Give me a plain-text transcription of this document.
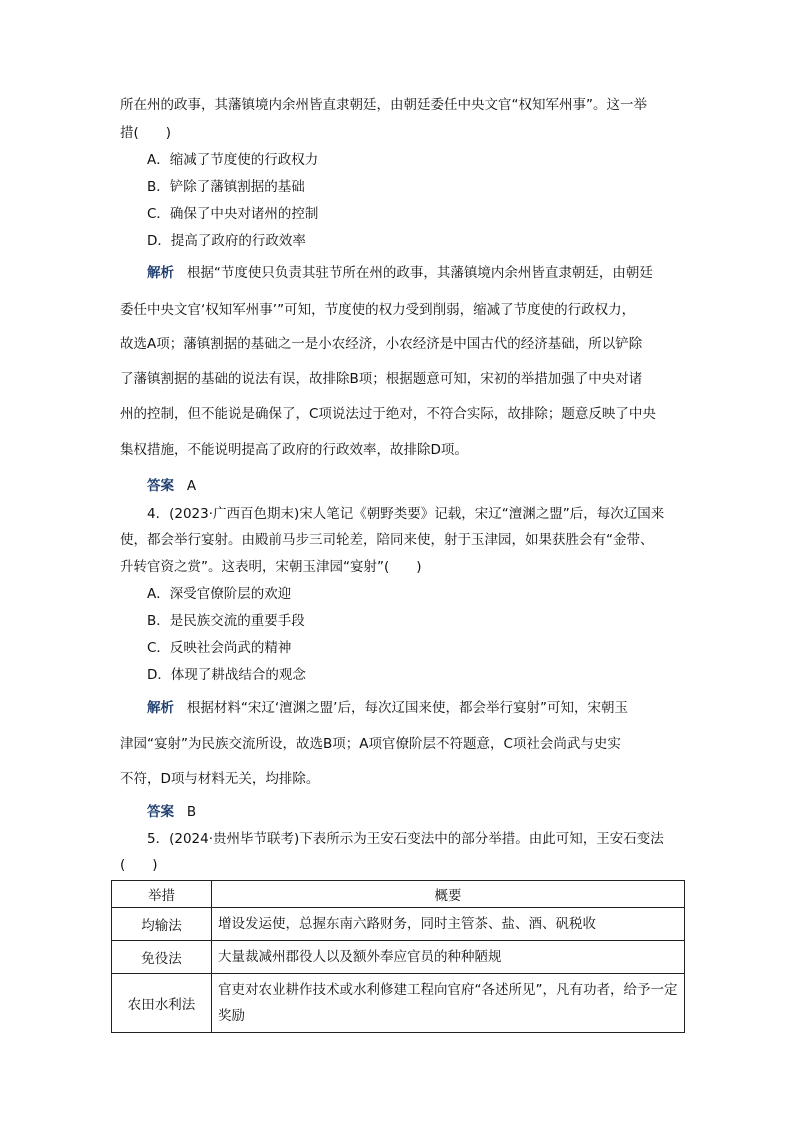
所在州的政事，其藩镇境内余州皆直隶朝廷，由朝廷委任中央文官“权知军州事”。这一举
措(　　)
A．缩减了节度使的行政权力
B．铲除了藩镇割据的基础
C．确保了中央对诸州的控制
D．提高了政府的行政效率
解析 根据“节度使只负责其驻节所在州的政事，其藩镇境内余州皆直隶朝廷，由朝廷
委任中央文官‘权知军州事’”可知，节度使的权力受到削弱，缩减了节度使的行政权力，
故选A项；藩镇割据的基础之一是小农经济，小农经济是中国古代的经济基础，所以铲除
了藩镇割据的基础的说法有误，故排除B项；根据题意可知，宋初的举措加强了中央对诸
州的控制，但不能说是确保了，C项说法过于绝对，不符合实际，故排除；题意反映了中央
集权措施，不能说明提高了政府的行政效率，故排除D项。
答案 A
4．(2023·广西百色期末)宋人笔记《朝野类要》记载，宋辽“澶渊之盟”后，每次辽国来
使，都会举行宴射。由殿前马步三司轮差，陪同来使，射于玉津园，如果获胜会有“金带、
升转官资之赏”。这表明，宋朝玉津园“宴射”(　　)
A．深受官僚阶层的欢迎
B．是民族交流的重要手段
C．反映社会尚武的精神
D．体现了耕战结合的观念
解析 根据材料“宋辽‘澶渊之盟’后，每次辽国来使，都会举行宴射”可知，宋朝玉
津园“宴射”为民族交流所设，故选B项；A项官僚阶层不符题意，C项社会尚武与史实
不符，D项与材料无关，均排除。
答案 B
5．(2024·贵州毕节联考)下表所示为王安石变法中的部分举措。由此可知，王安石变法
(　　)
举措	概要
均输法	增设发运使，总握东南六路财务，同时主管茶、盐、酒、矾税收
免役法	大量裁减州郡役人以及额外奉应官员的种种陋规
农田水利法	官吏对农业耕作技术或水利修建工程向官府“各述所见”，凡有功者，给予一定奖励
